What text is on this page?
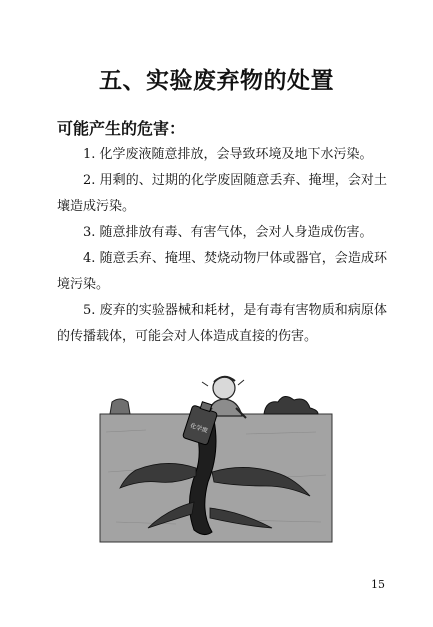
五、实验废弃物的处置
可能产生的危害：
1. 化学废液随意排放，会导致环境及地下水污染。
2. 用剩的、过期的化学废固随意丢弃、掩埋，会对土壤造成污染。
3. 随意排放有毒、有害气体，会对人身造成伤害。
4. 随意丢弃、掩埋、焚烧动物尸体或器官，会造成环境污染。
5. 废弃的实验器械和耗材，是有毒有害物质和病原体的传播载体，可能会对人体造成直接的伤害。
化学废
15
